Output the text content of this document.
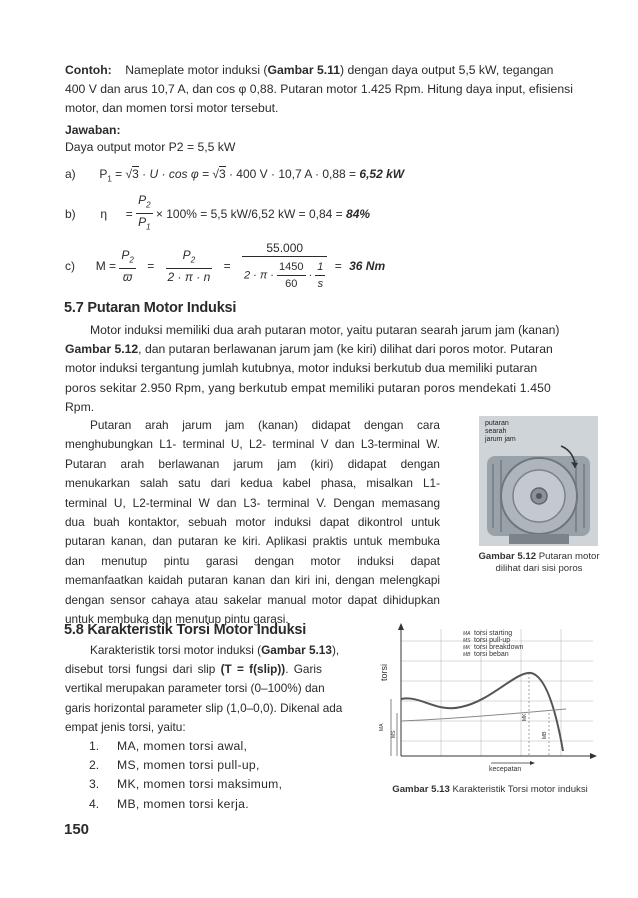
Contoh: Nameplate motor induksi (Gambar 5.11) dengan daya output 5,5 kW, tegangan
400 V dan arus 10,7 A, dan cos φ 0,88. Putaran motor 1.425 Rpm. Hitung daya input, efisiensi
motor, dan momen torsi motor tersebut.
Jawaban:
Daya output motor P2 = 5,5 kW
a) $P_1 = √3 \cdot U \cdot \cos \varphi = √3 \cdot 400$ V · 10,7 A · 0,88 = 6,52 kW
b) $\eta = \frac{P_2}{P_1} \times 100\% = 5,5$ kW/6,52 kW = 0,84 = 84%
c) $M = \frac{P_2}{ϖ} = \frac{P_2}{2 \cdot \pi \cdot n}$ =
55.000
$2 \cdot \pi \cdot \frac{1450}{60} \cdot \frac{1}{s} = 36$ Nm
5.7 Putaran Motor Induksi
Motor induksi memiliki dua arah putaran motor, yaitu putaran searah jarum jam (kanan)
Gambar 5.12, dan putaran berlawanan jarum jam (ke kiri) dilihat dari poros motor. Putaran
motor induksi tergantung jumlah kutubnya, motor induksi berkutub dua memiliki putaran
poros sekitar 2.950 Rpm, yang berkutub empat memiliki putaran poros mendekati 1.450
Rpm.
Putaran arah jarum jam (kanan) didapat dengan cara
menghubungkan L1- terminal U, L2- terminal V dan L3-terminal W.
Putaran arah berlawanan jarum jam (kiri) didapat dengan
menukarkan salah satu dari kedua kabel phasa, misalkan L1-
terminal U, L2-terminal W dan L3- terminal V. Dengan memasang
dua buah kontaktor, sebuah motor induksi dapat dikontrol untuk
putaran kanan, dan putaran ke kiri. Aplikasi praktis untuk membuka
dan menutup pintu garasi dengan motor induksi dapat
memanfaatkan kaidah putaran kanan dan kiri ini, dengan melengkapi
dengan sensor cahaya atau sakelar manual motor dapat dihidupkan
untuk membuka dan menutup pintu garasi.
putaran
searah
jarum jam
Gambar 5.12 Putaran motor dilihat dari sisi poros
5.8 Karakteristik Torsi Motor Induksi
Karakteristik torsi motor induksi (Gambar 5.13),
disebut torsi fungsi dari slip (T = f(slip)). Garis
vertikal merupakan parameter torsi (0–100%) dan
garis horizontal parameter slip (1,0–0,0). Dikenal ada
empat jenis torsi, yaitu:
1. MA, momen torsi awal,
2. MS, momen torsi pull-up,
3. MK, momen torsi maksimum,
4. MB, momen torsi kerja.
torsi
MA
MS
MK
MB
kecepatan
MA torsi starting
MS torsi pull-up
MK torsi breakdown
MB torsi beban
Gambar 5.13 Karakteristik Torsi motor induksi
150
